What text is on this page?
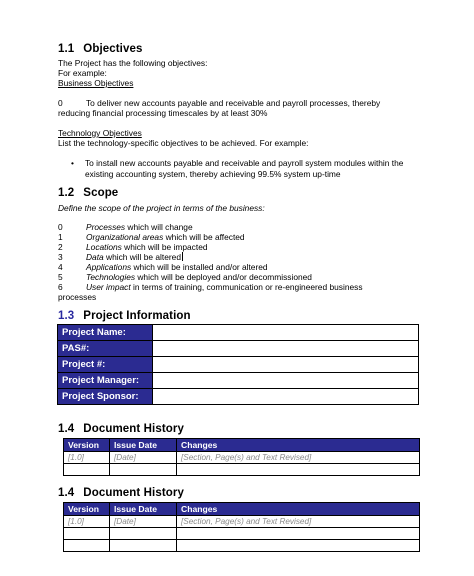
1.1 Objectives
The Project has the following objectives:
For example:
Business Objectives
0	To deliver new accounts payable and receivable and payroll processes, thereby
reducing financial processing timescales by at least 30%
Technology Objectives
List the technology-specific objectives to be achieved. For example:
• To install new accounts payable and receivable and payroll system modules within the
existing accounting system, thereby achieving 99.5% system up-time
1.2 Scope
Define the scope of the project in terms of the business:
0	Processes which will change
1	Organizational areas which will be affected
2	Locations which will be impacted
3	Data which will be altered
4	Applications which will be installed and/or altered
5	Technologies which will be deployed and/or decommissioned
6	User impact in terms of training, communication or re-engineered business
processes
1.3 Project Information
Project Name:	
PAS#:	
Project #:	
Project Manager:	
Project Sponsor:	
1.4 Document History
Version	Issue Date	Changes
[1.0]	[Date]	[Section, Page(s) and Text Revised]

1.4 Document History
Version	Issue Date	Changes
[1.0]	[Date]	[Section, Page(s) and Text Revised]
